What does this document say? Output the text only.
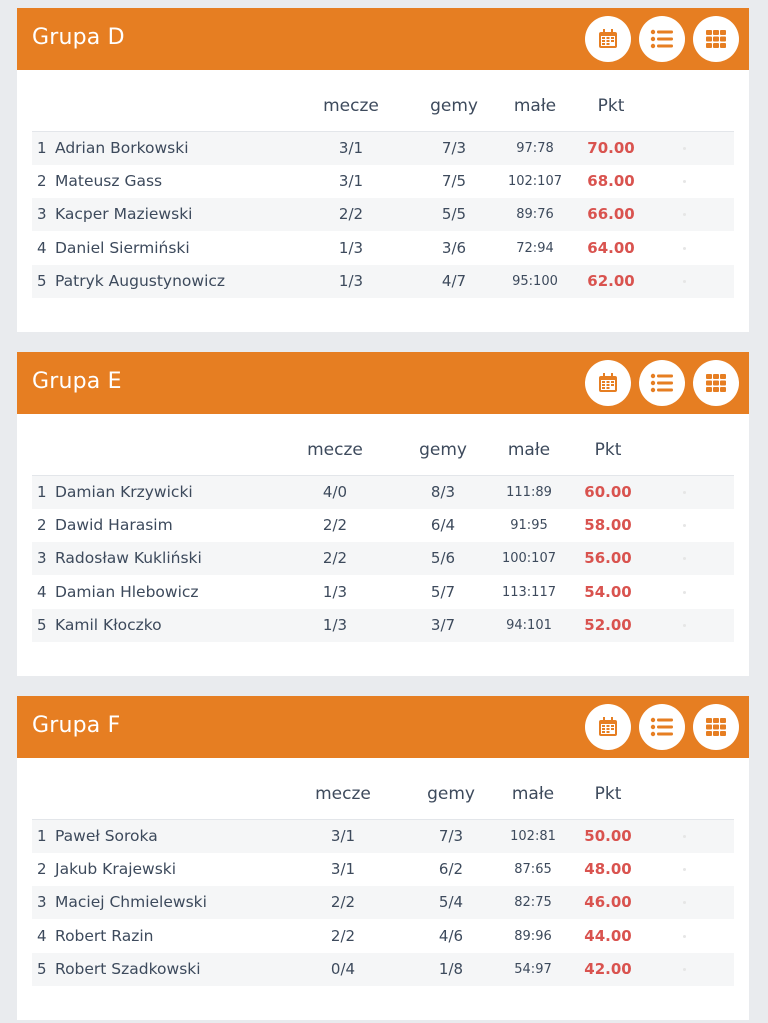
Grupa D
mecze	gemy małe Pkt
1 Adrian Borkowski	3/1	7/3	97:78 70.00
2 Mateusz Gass	3/1	7/5	102:107 68.00
3 Kacper Maziewski	2/2	5/5	89:76 66.00
4 Daniel Siermiński	1/3	3/6	72:94 64.00
5 Patryk Augustynowicz	1/3	4/7	95:100 62.00
Grupa E
mecze	gemy małe	Pkt
1 Damian Krzywicki	4/0	8/3	111:89 60.00
2 Dawid Harasim	2/2	6/4	91:95 58.00
3 Radosław Kukliński	2/2	5/6	100:107 56.00
4 Damian Hlebowicz	1/3	5/7	113:117 54.00
5 Kamil Kłoczko	1/3	3/7	94:101 52.00
Grupa F
mecze	gemy małe Pkt
1 Paweł Soroka	3/1	7/3	102:81 50.00
2 Jakub Krajewski	3/1	6/2	87:65 48.00
3 Maciej Chmielewski	2/2	5/4	82:75 46.00
4 Robert Razin	2/2	4/6	89:96 44.00
5 Robert Szadkowski	0/4	1/8	54:97 42.00
